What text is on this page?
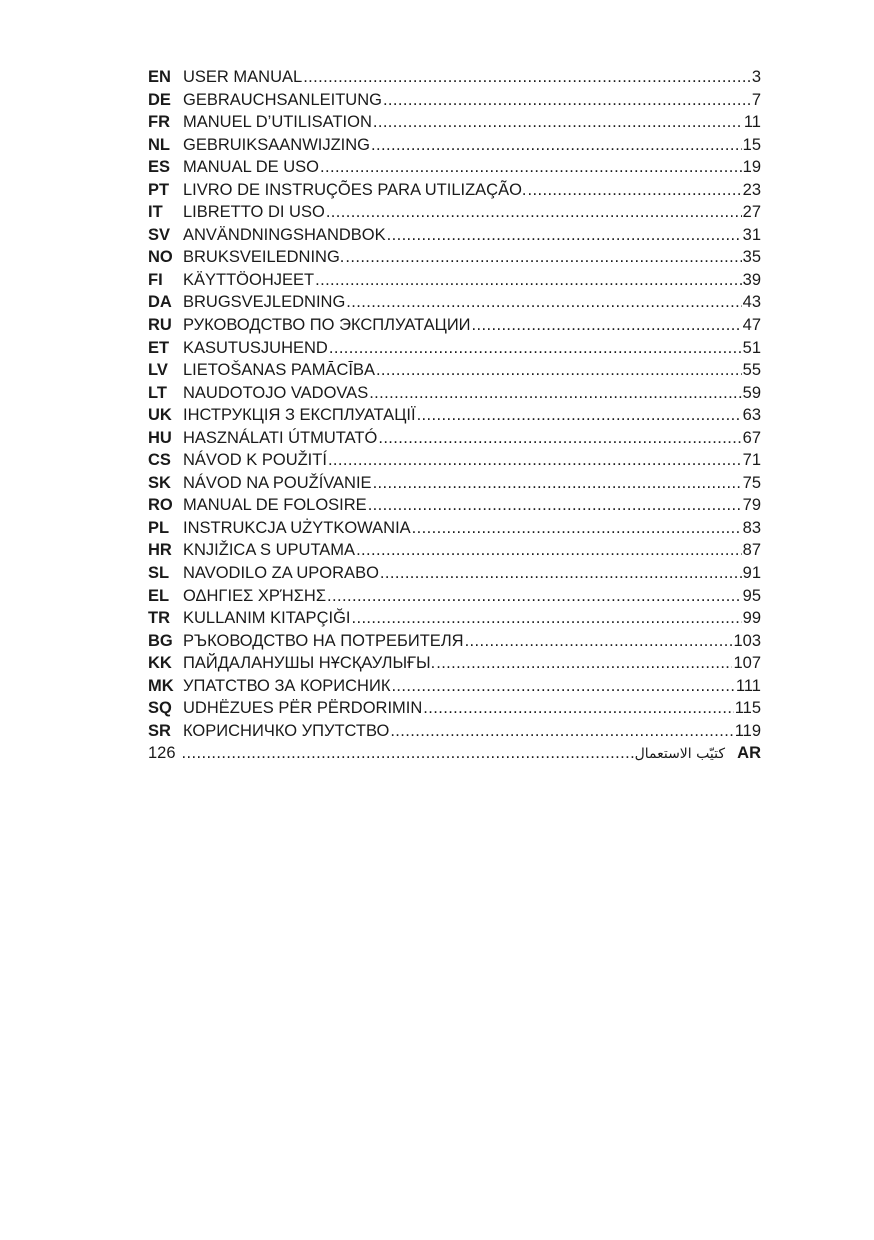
EN USER MANUAL .....	3
DE GEBRAUCHSANLEITUNG .....	7
FR MANUEL D’UTILISATION .....	11
NL GEBRUIKSAANWIJZING .....	15
ES MANUAL DE USO .....	19
PT LIVRO DE INSTRUÇÕES PARA UTILIZAÇÃO. .....	23
IT	LIBRETTO DI USO .....	27
SV ANVÄNDNINGSHANDBOK .....	31
NO BRUKSVEILEDNING. .....	35
FI	KÄYTTÖOHJEET .....	39
DA BRUGSVEJLEDNING .....	43
RU РУКОВОДСТВО ПО ЭКСПЛУАТАЦИИ .....	47
ET KASUTUSJUHEND .....	51
LV LIETOŠANAS PAMĀCĪBA .....	55
LT NAUDOTOJO VADOVAS .....	59
UK ІНСТРУКЦІЯ З ЕКСПЛУАТАЦІЇ .....	63
HU HASZNÁLATI ÚTMUTATÓ .....	67
CS NÁVOD K POUŽITÍ .....	71
SK NÁVOD NA POUŽÍVANIE .....	75
RO MANUAL DE FOLOSIRE .....	79
PL INSTRUKCJA UŻYTKOWANIA .....	83
HR KNJIŽICA S UPUTAMA .....	87
SL NAVODILO ZA UPORABO .....	91
EL ΟΔΗΓΙΕΣ ΧΡΉΣΗΣ .....	95
TR KULLANIM KITAPÇIĞI .....	99
BG РЪКОВОДСТВО НА ПОТРЕБИТЕЛЯ .....	103
KK ПАЙДАЛАНУШЫ НҰСҚАУЛЫҒЫ. .....	107
MK УПАТСТВО ЗА КОРИСНИК .....	111
SQ UDHËZUES PËR PËRDORIMIN .....	115
SR КОРИСНИЧКО УПУТСТВО .....	119
126 .....	كتيّب الاستعمال AR
